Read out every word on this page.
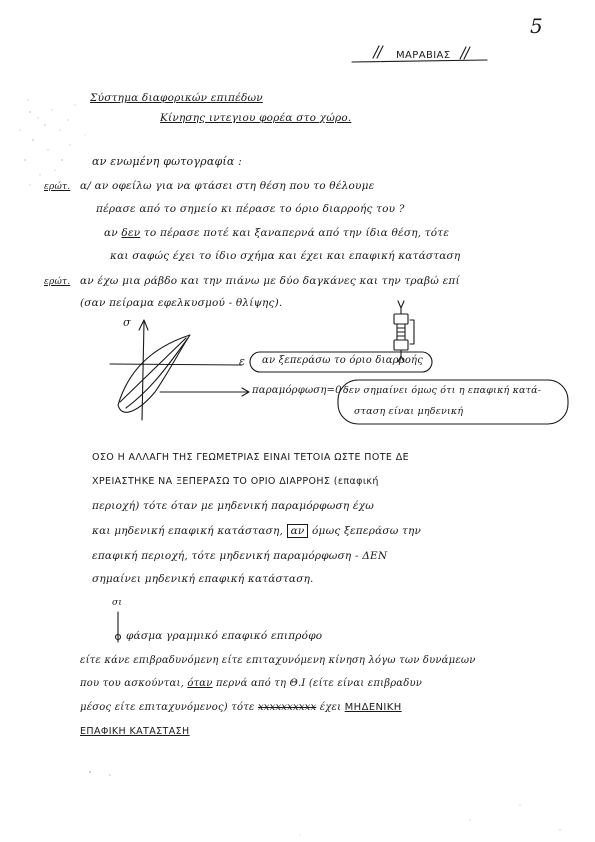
5
ΜΑΡΑΒΙΑΣ
Σύστημα διαφορικών επιπέδων
Κίνησης ιντεγιου φορέα στο χώρο.
αν ενωμένη φωτογραφία :
ερώτ. α/ αν οφείλω για να φτάσει στη θέση που το θέλουμε
πέρασε από το σημείο κι πέρασε το όριο διαρροής του ?
αν δεν το πέρασε ποτέ και ξαναπερνά από την ίδια θέση, τότε
και σαφώς έχει το ίδιο σχήμα και έχει και επαφική κατάσταση
ερώτ. αν έχω μια ράβδο και την πιάνω με δύο δαγκάνες και την τραβώ επί
(σαν πείραμα εφελκυσμού - θλίψης).
σ
ε αν ξεπεράσω το όριο διαρροής
παραμόρφωση=0 :
δεν σημαίνει όμως ότι η επαφική κατά-
σταση είναι μηδενική
ΟΣΟ Η ΑΛΛΑΓΗ ΤΗΣ ΓΕΩΜΕΤΡΙΑΣ ΕΙΝΑΙ ΤΕΤΟΙΑ ΩΣΤΕ ΠΟΤΕ ΔΕ
ΧΡΕΙΑΣΤΗΚΕ ΝΑ ΞΕΠΕΡΑΣΩ ΤΟ ΟΡΙΟ ΔΙΑΡΡΟΗΣ (επαφική
περιοχή) τότε όταν με μηδενική παραμόρφωση έχω
και μηδενική επαφική κατάσταση, αν όμως ξεπεράσω την
επαφική περιοχή, τότε μηδενική παραμόρφωση - ΔΕΝ
σημαίνει μηδενική επαφική κατάσταση.
σι
φάσμα γραμμικό επαφικό επιπρόφο
είτε κάνε επιβραδυνόμενη είτε επιταχυνόμενη κίνηση λόγω των δυνάμεων
που του ασκούνται, όταν περνά από τη Θ.Ι (είτε είναι επιβραδυν
μέσος είτε επιταχυνόμενος) τότε xxxxxxxxxx έχει ΜΗΔΕΝΙΚΗ
ΕΠΑΦΙΚΗ ΚΑΤΑΣΤΑΣΗ
